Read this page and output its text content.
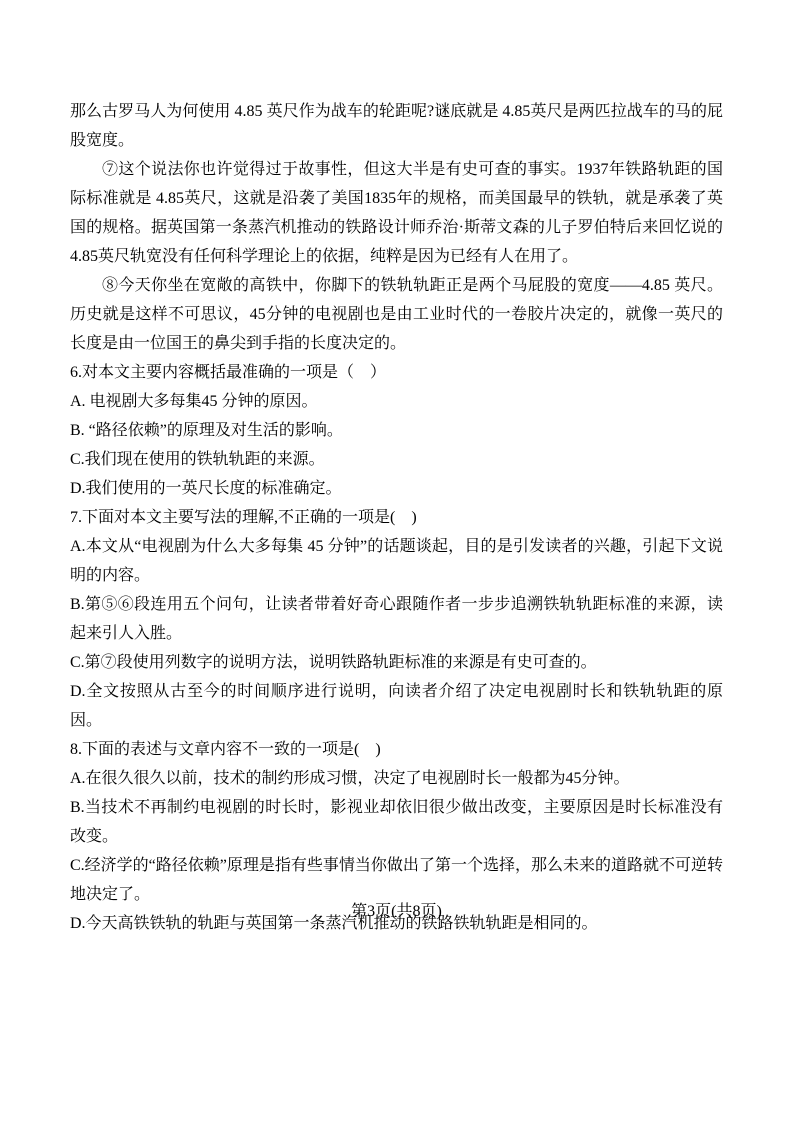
那么古罗马人为何使用 4.85 英尺作为战车的轮距呢?谜底就是 4.85英尺是两匹拉战车的马的屁股宽度。

⑦这个说法你也许觉得过于故事性，但这大半是有史可查的事实。1937年铁路轨距的国际标准就是 4.85英尺，这就是沿袭了美国1835年的规格，而美国最早的铁轨，就是承袭了英国的规格。据英国第一条蒸汽机推动的铁路设计师乔治·斯蒂文森的儿子罗伯特后来回忆说的 4.85英尺轨宽没有任何科学理论上的依据，纯粹是因为已经有人在用了。

⑧今天你坐在宽敞的高铁中，你脚下的铁轨轨距正是两个马屁股的宽度——4.85 英尺。历史就是这样不可思议，45分钟的电视剧也是由工业时代的一卷胶片决定的，就像一英尺的长度是由一位国王的鼻尖到手指的长度决定的。

6.对本文主要内容概括最准确的一项是（　）

A. 电视剧大多每集45 分钟的原因。

B. “路径依赖”的原理及对生活的影响。

C.我们现在使用的铁轨轨距的来源。

D.我们使用的一英尺长度的标准确定。

7.下面对本文主要写法的理解,不正确的一项是(　)

A.本文从“电视剧为什么大多每集 45 分钟”的话题谈起，目的是引发读者的兴趣，引起下文说明的内容。

B.第⑤⑥段连用五个问句，让读者带着好奇心跟随作者一步步追溯铁轨轨距标准的来源，读起来引人入胜。

C.第⑦段使用列数字的说明方法，说明铁路轨距标准的来源是有史可查的。

D.全文按照从古至今的时间顺序进行说明，向读者介绍了决定电视剧时长和铁轨轨距的原因。

8.下面的表述与文章内容不一致的一项是(　)

A.在很久很久以前，技术的制约形成习惯，决定了电视剧时长一般都为45分钟。

B.当技术不再制约电视剧的时长时，影视业却依旧很少做出改变，主要原因是时长标准没有改变。

C.经济学的“路径依赖”原理是指有些事情当你做出了第一个选择，那么未来的道路就不可逆转地决定了。

D.今天高铁铁轨的轨距与英国第一条蒸汽机推动的铁路铁轨轨距是相同的。

第3页(共8页)
